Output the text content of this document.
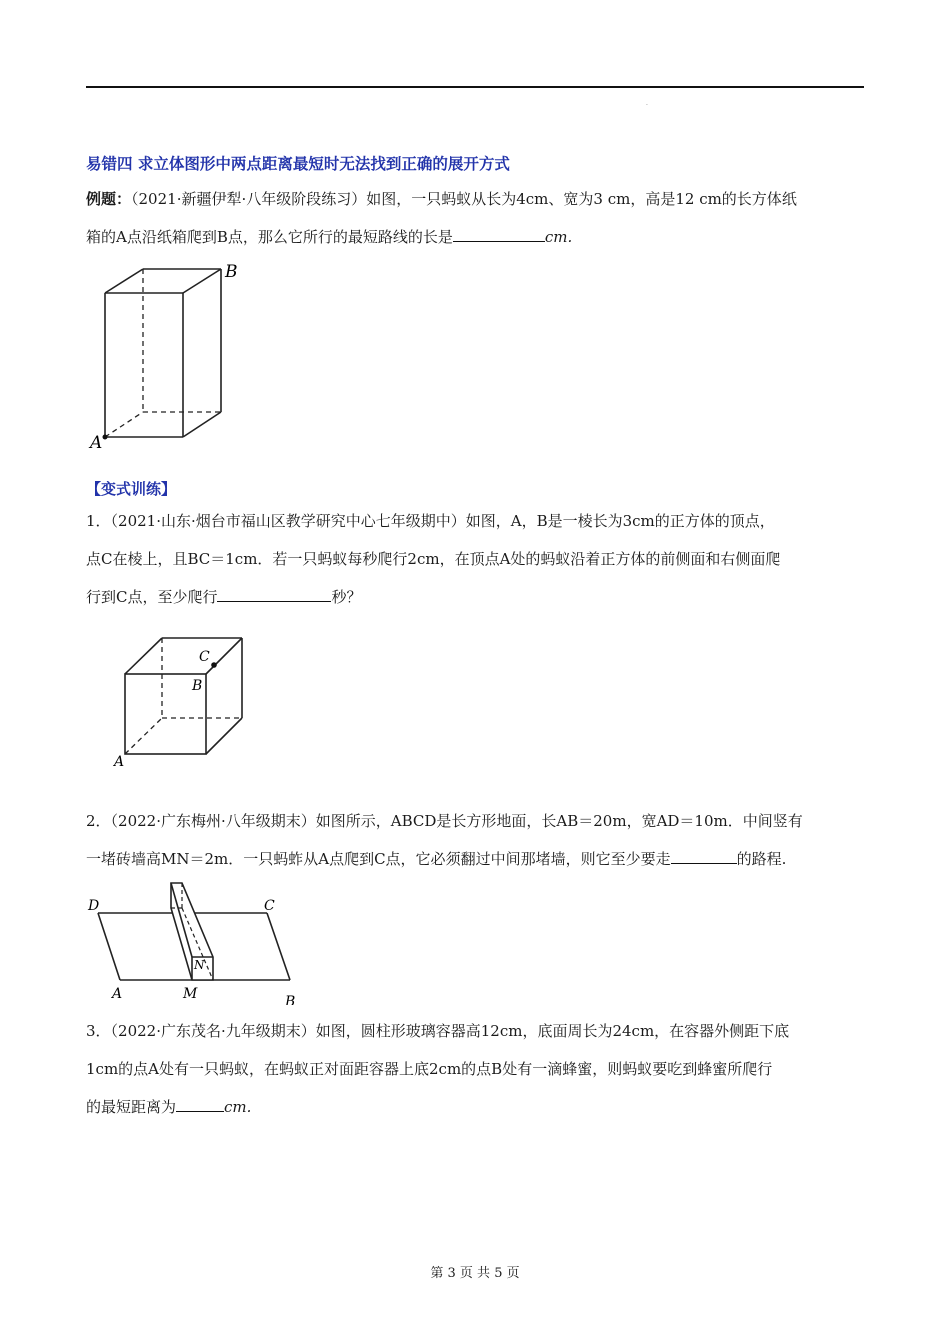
.
易错四 求立体图形中两点距离最短时无法找到正确的展开方式
例题：（2021·新疆伊犁·八年级阶段练习）如图，一只蚂蚁从长为4cm、宽为3 cm，高是12 cm的长方体纸
箱的A点沿纸箱爬到B点，那么它所行的最短路线的长是	cm.
A
B
【变式训练】
1．（2021·山东·烟台市福山区教学研究中心七年级期中）如图，A，B是一棱长为3cm的正方体的顶点，
点C在棱上，且BC＝1cm．若一只蚂蚁每秒爬行2cm，在顶点A处的蚂蚁沿着正方体的前侧面和右侧面爬
行到C点，至少爬行	秒？
C
B
A
2．（2022·广东梅州·八年级期末）如图所示，ABCD是长方形地面，长AB＝20m，宽AD＝10m．中间竖有
一堵砖墙高MN＝2m．一只蚂蚱从A点爬到C点，它必须翻过中间那堵墙，则它至少要走	的路程.
D	C
A	M
N
B
3．（2022·广东茂名·九年级期末）如图，圆柱形玻璃容器高12cm，底面周长为24cm，在容器外侧距下底
1cm的点A处有一只蚂蚁，在蚂蚁正对面距容器上底2cm的点B处有一滴蜂蜜，则蚂蚁要吃到蜂蜜所爬行
的最短距离为	cm.
第 3 页 共 5 页
